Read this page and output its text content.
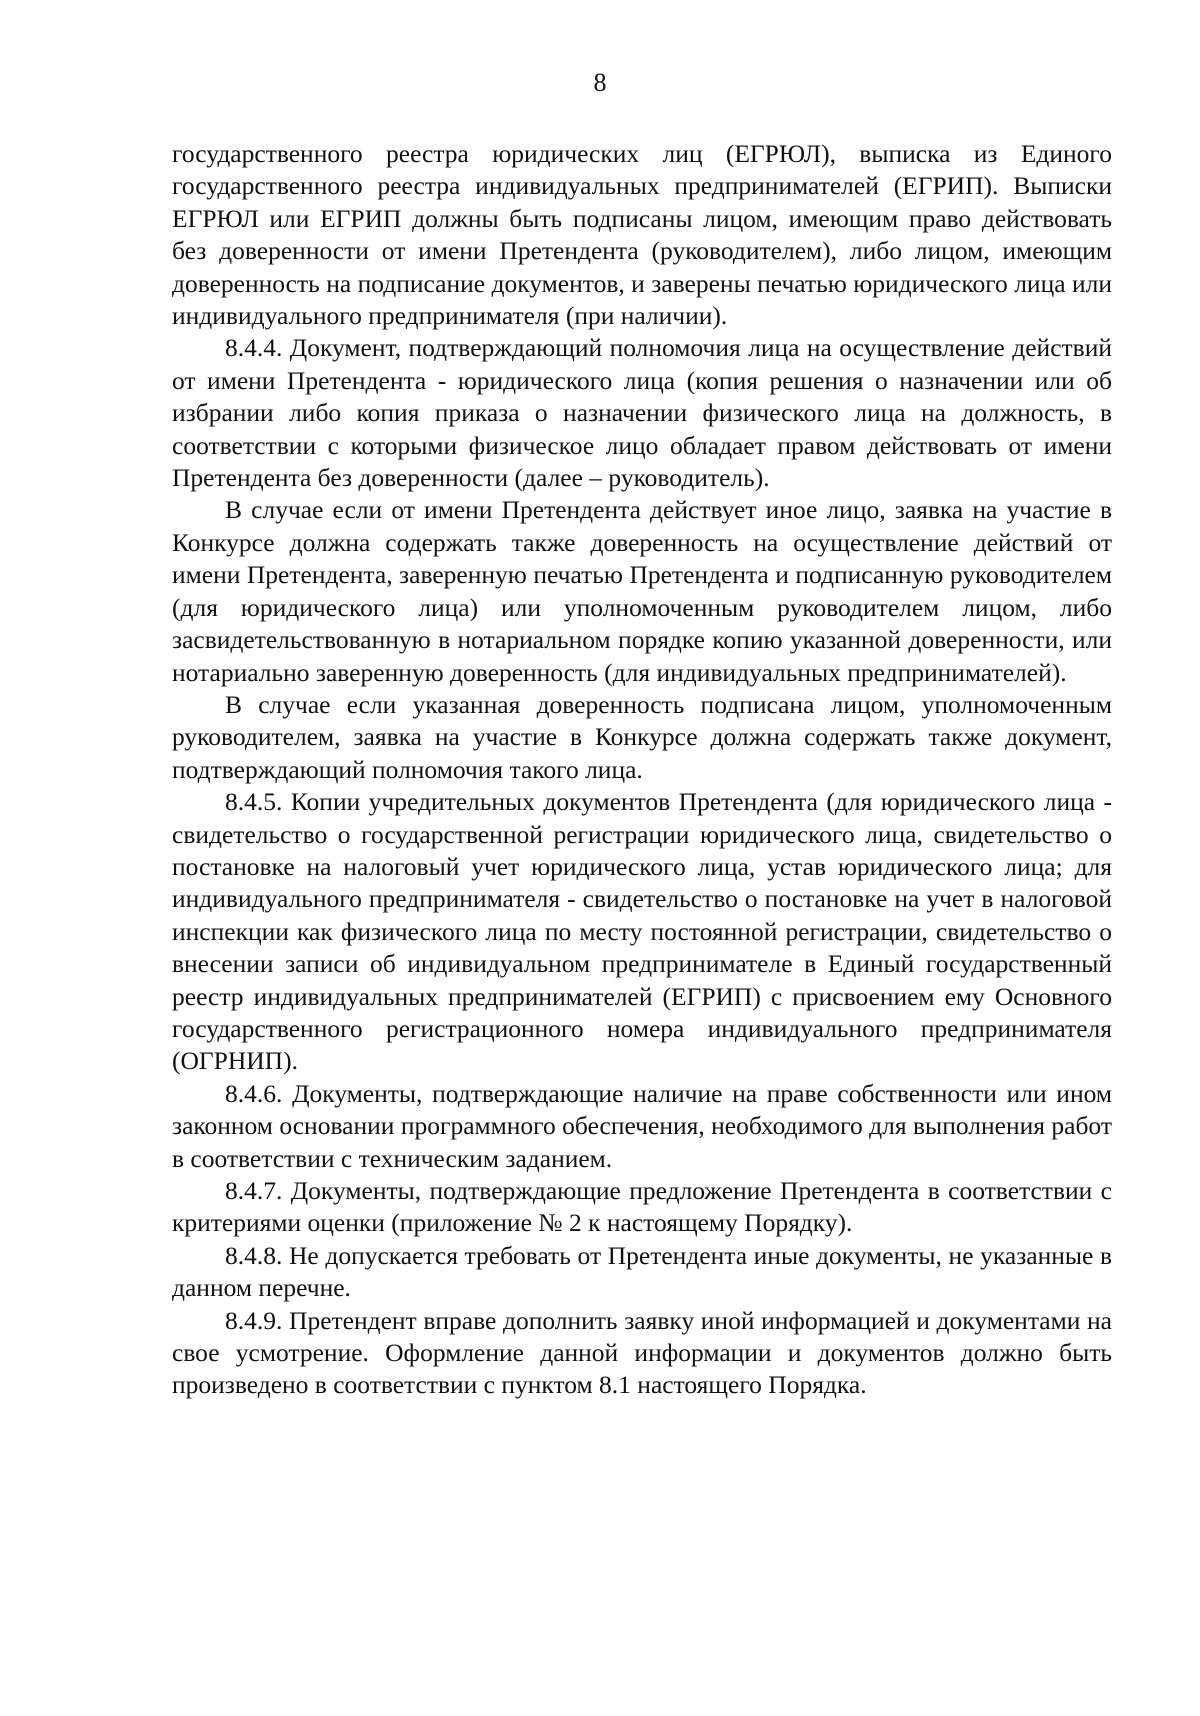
8

государственного реестра юридических лиц (ЕГРЮЛ), выписка из Единого государственного реестра индивидуальных предпринимателей (ЕГРИП). Выписки ЕГРЮЛ или ЕГРИП должны быть подписаны лицом, имеющим право действовать без доверенности от имени Претендента (руководителем), либо лицом, имеющим доверенность на подписание документов, и заверены печатью юридического лица или индивидуального предпринимателя (при наличии).

8.4.4. Документ, подтверждающий полномочия лица на осуществление действий от имени Претендента - юридического лица (копия решения о назначении или об избрании либо копия приказа о назначении физического лица на должность, в соответствии с которыми физическое лицо обладает правом действовать от имени Претендента без доверенности (далее – руководитель).

В случае если от имени Претендента действует иное лицо, заявка на участие в Конкурсе должна содержать также доверенность на осуществление действий от имени Претендента, заверенную печатью Претендента и подписанную руководителем (для юридического лица) или уполномоченным руководителем лицом, либо засвидетельствованную в нотариальном порядке копию указанной доверенности, или нотариально заверенную доверенность (для индивидуальных предпринимателей).

В случае если указанная доверенность подписана лицом, уполномоченным руководителем, заявка на участие в Конкурсе должна содержать также документ, подтверждающий полномочия такого лица.

8.4.5. Копии учредительных документов Претендента (для юридического лица - свидетельство о государственной регистрации юридического лица, свидетельство о постановке на налоговый учет юридического лица, устав юридического лица; для индивидуального предпринимателя - свидетельство о постановке на учет в налоговой инспекции как физического лица по месту постоянной регистрации, свидетельство о внесении записи об индивидуальном предпринимателе в Единый государственный реестр индивидуальных предпринимателей (ЕГРИП) с присвоением ему Основного государственного регистрационного номера индивидуального предпринимателя (ОГРНИП).

8.4.6. Документы, подтверждающие наличие на праве собственности или ином законном основании программного обеспечения, необходимого для выполнения работ в соответствии с техническим заданием.

8.4.7. Документы, подтверждающие предложение Претендента в соответствии с критериями оценки (приложение № 2 к настоящему Порядку).

8.4.8. Не допускается требовать от Претендента иные документы, не указанные в данном перечне.

8.4.9. Претендент вправе дополнить заявку иной информацией и документами на свое усмотрение. Оформление данной информации и документов должно быть произведено в соответствии с пунктом 8.1 настоящего Порядка.
